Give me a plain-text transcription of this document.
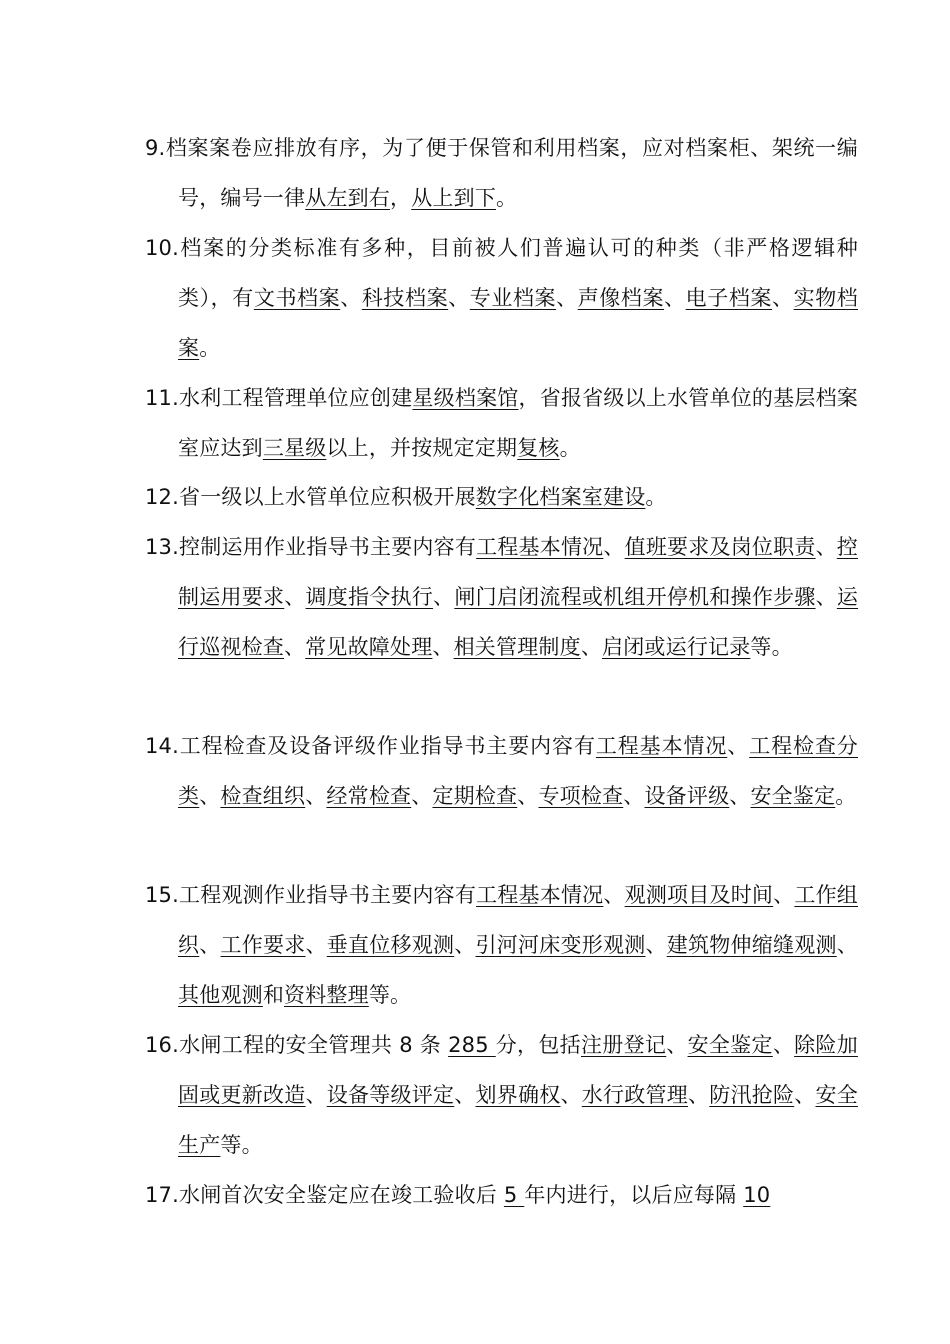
9.档案案卷应排放有序，为了便于保管和利用档案，应对档案柜、架统一编号，编号一律从左到右，从上到下。
10.档案的分类标准有多种，目前被人们普遍认可的种类（非严格逻辑种类），有文书档案、科技档案、专业档案、声像档案、电子档案、实物档案。
11.水利工程管理单位应创建星级档案馆，省报省级以上水管单位的基层档案室应达到三星级以上，并按规定定期复核。
12.省一级以上水管单位应积极开展数字化档案室建设。
13.控制运用作业指导书主要内容有工程基本情况、值班要求及岗位职责、控制运用要求、调度指令执行、闸门启闭流程或机组开停机和操作步骤、运行巡视检查、常见故障处理、相关管理制度、启闭或运行记录等。
14.工程检查及设备评级作业指导书主要内容有工程基本情况、工程检查分类、检查组织、经常检查、定期检查、专项检查、设备评级、安全鉴定。
15.工程观测作业指导书主要内容有工程基本情况、观测项目及时间、工作组织、工作要求、垂直位移观测、引河河床变形观测、建筑物伸缩缝观测、其他观测和资料整理等。
16.水闸工程的安全管理共 8 条 285 分，包括注册登记、安全鉴定、除险加固或更新改造、设备等级评定、划界确权、水行政管理、防汛抢险、安全生产等。
17.水闸首次安全鉴定应在竣工验收后 5 年内进行，以后应每隔 10
